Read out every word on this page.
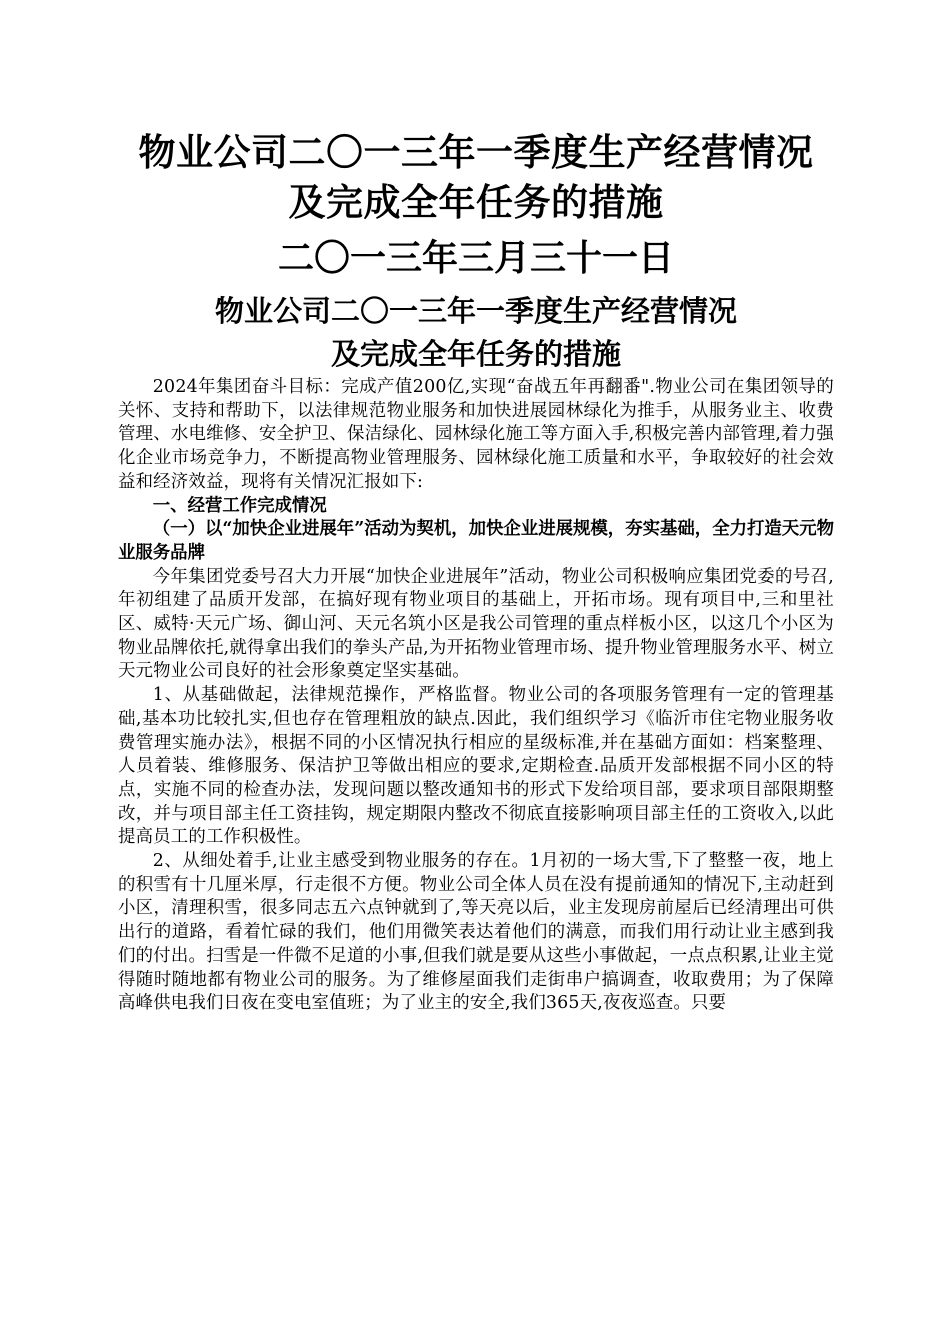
物业公司二〇一三年一季度生产经营情况
及完成全年任务的措施

二〇一三年三月三十一日

物业公司二〇一三年一季度生产经营情况
及完成全年任务的措施

2024年集团奋斗目标：完成产值200亿,实现“奋战五年再翻番".物业公司在集团领导的关怀、支持和帮助下，以法律规范物业服务和加快进展园林绿化为推手，从服务业主、收费管理、水电维修、安全护卫、保洁绿化、园林绿化施工等方面入手,积极完善内部管理,着力强化企业市场竞争力，不断提高物业管理服务、园林绿化施工质量和水平，争取较好的社会效益和经济效益，现将有关情况汇报如下:

一、经营工作完成情况

（一）以“加快企业进展年”活动为契机，加快企业进展规模，夯实基础，全力打造天元物业服务品牌

今年集团党委号召大力开展“加快企业进展年”活动，物业公司积极响应集团党委的号召,年初组建了品质开发部，在搞好现有物业项目的基础上，开拓市场。现有项目中,三和里社区、威特·天元广场、御山河、天元名筑小区是我公司管理的重点样板小区，以这几个小区为物业品牌依托,就得拿出我们的拳头产品,为开拓物业管理市场、提升物业管理服务水平、树立天元物业公司良好的社会形象奠定坚实基础。

1、从基础做起，法律规范操作，严格监督。物业公司的各项服务管理有一定的管理基础,基本功比较扎实,但也存在管理粗放的缺点.因此，我们组织学习《临沂市住宅物业服务收费管理实施办法》，根据不同的小区情况执行相应的星级标准,并在基础方面如：档案整理、人员着装、维修服务、保洁护卫等做出相应的要求,定期检查.品质开发部根据不同小区的特点，实施不同的检查办法，发现问题以整改通知书的形式下发给项目部，要求项目部限期整改，并与项目部主任工资挂钩，规定期限内整改不彻底直接影响项目部主任的工资收入,以此提高员工的工作积极性。

2、从细处着手,让业主感受到物业服务的存在。1月初的一场大雪,下了整整一夜，地上的积雪有十几厘米厚，行走很不方便。物业公司全体人员在没有提前通知的情况下,主动赶到小区，清理积雪，很多同志五六点钟就到了,等天亮以后，业主发现房前屋后已经清理出可供出行的道路，看着忙碌的我们，他们用微笑表达着他们的满意，而我们用行动让业主感到我们的付出。扫雪是一件微不足道的小事,但我们就是要从这些小事做起，一点点积累,让业主觉得随时随地都有物业公司的服务。为了维修屋面我们走街串户搞调查，收取费用；为了保障高峰供电我们日夜在变电室值班；为了业主的安全,我们365天,夜夜巡查。只要
